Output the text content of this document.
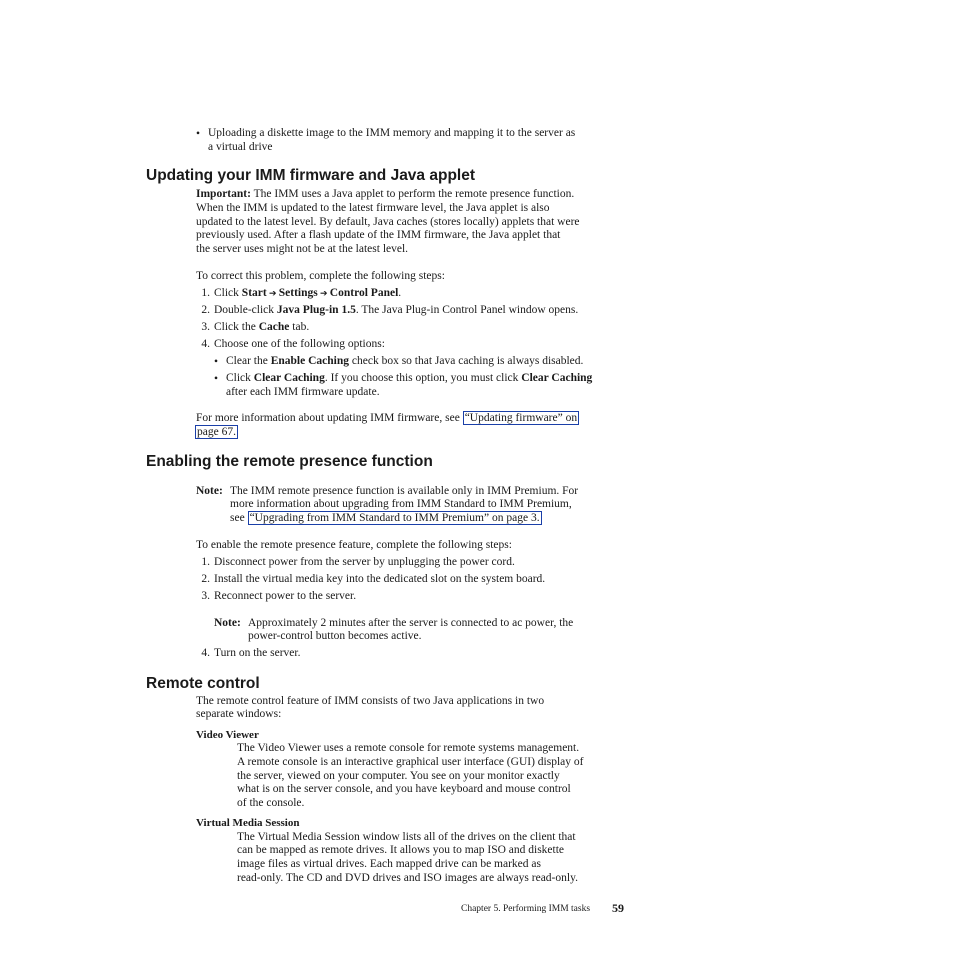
• Uploading a diskette image to the IMM memory and mapping it to the server as
a virtual drive
Updating your IMM firmware and Java applet
Important: The IMM uses a Java applet to perform the remote presence function.
When the IMM is updated to the latest firmware level, the Java applet is also
updated to the latest level. By default, Java caches (stores locally) applets that were
previously used. After a flash update of the IMM firmware, the Java applet that
the server uses might not be at the latest level.
To correct this problem, complete the following steps:
1. Click Start ➔ Settings ➔ Control Panel.
2. Double-click Java Plug-in 1.5. The Java Plug-in Control Panel window opens.
3. Click the Cache tab.
4. Choose one of the following options:
• Clear the Enable Caching check box so that Java caching is always disabled.
• Click Clear Caching. If you choose this option, you must click Clear Caching
after each IMM firmware update.
For more information about updating IMM firmware, see “Updating firmware” on
page 67.
Enabling the remote presence function
Note: The IMM remote presence function is available only in IMM Premium. For
more information about upgrading from IMM Standard to IMM Premium,
see “Upgrading from IMM Standard to IMM Premium” on page 3.
To enable the remote presence feature, complete the following steps:
1. Disconnect power from the server by unplugging the power cord.
2. Install the virtual media key into the dedicated slot on the system board.
3. Reconnect power to the server.
Note: Approximately 2 minutes after the server is connected to ac power, the
power-control button becomes active.
4. Turn on the server.
Remote control
The remote control feature of IMM consists of two Java applications in two
separate windows:
Video Viewer
The Video Viewer uses a remote console for remote systems management.
A remote console is an interactive graphical user interface (GUI) display of
the server, viewed on your computer. You see on your monitor exactly
what is on the server console, and you have keyboard and mouse control
of the console.
Virtual Media Session
The Virtual Media Session window lists all of the drives on the client that
can be mapped as remote drives. It allows you to map ISO and diskette
image files as virtual drives. Each mapped drive can be marked as
read-only. The CD and DVD drives and ISO images are always read-only.
Chapter 5. Performing IMM tasks 59
